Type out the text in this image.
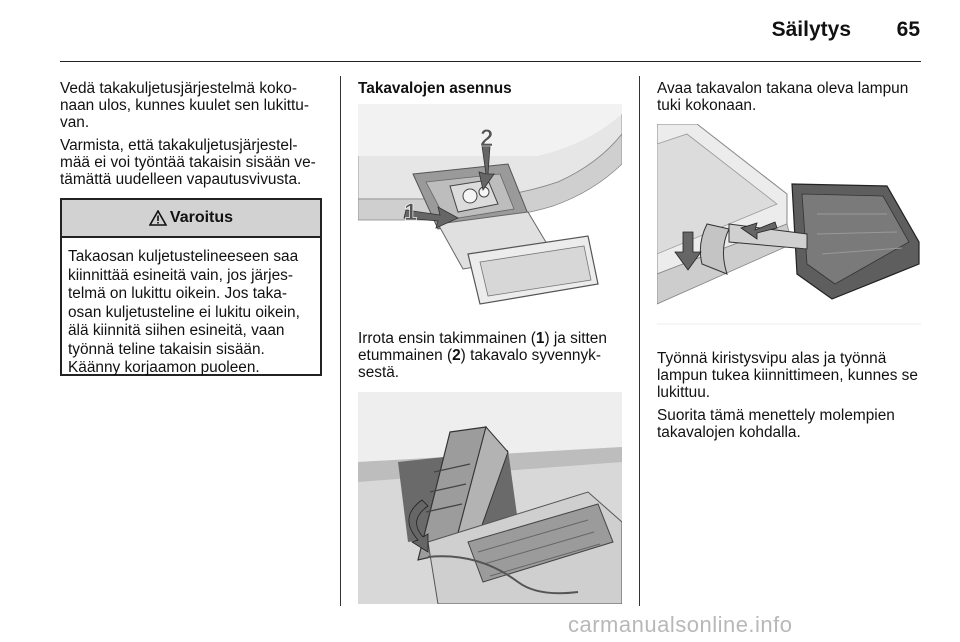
Säilytys	65

Vedä takakuljetusjärjestelmä koko-naan ulos, kunnes kuulet sen lukittu-van.

Varmista, että takakuljetusjärjestel-mää ei voi työntää takaisin sisään ve-tämättä uudelleen vapautusvivusta.

Varoitus
Takaosan kuljetustelineeseen saa kiinnittää esineitä vain, jos järjes-telmä on lukittu oikein. Jos taka-osan kuljetusteline ei lukitu oikein, älä kiinnitä siihen esineitä, vaan työnnä teline takaisin sisään. Käänny korjaamon puoleen.
Takavalojen asennus
1
2
Irrota ensin takimmainen (1) ja sitten etummainen (2) takavalo syvennyk-sestä.
Avaa takavalon takana oleva lampun tuki kokonaan.

Työnnä kiristysvipu alas ja työnnä lampun tukea kiinnittimeen, kunnes se lukittuu.

Suorita tämä menettely molempien takavalojen kohdalla.

carmanualsonline.info
